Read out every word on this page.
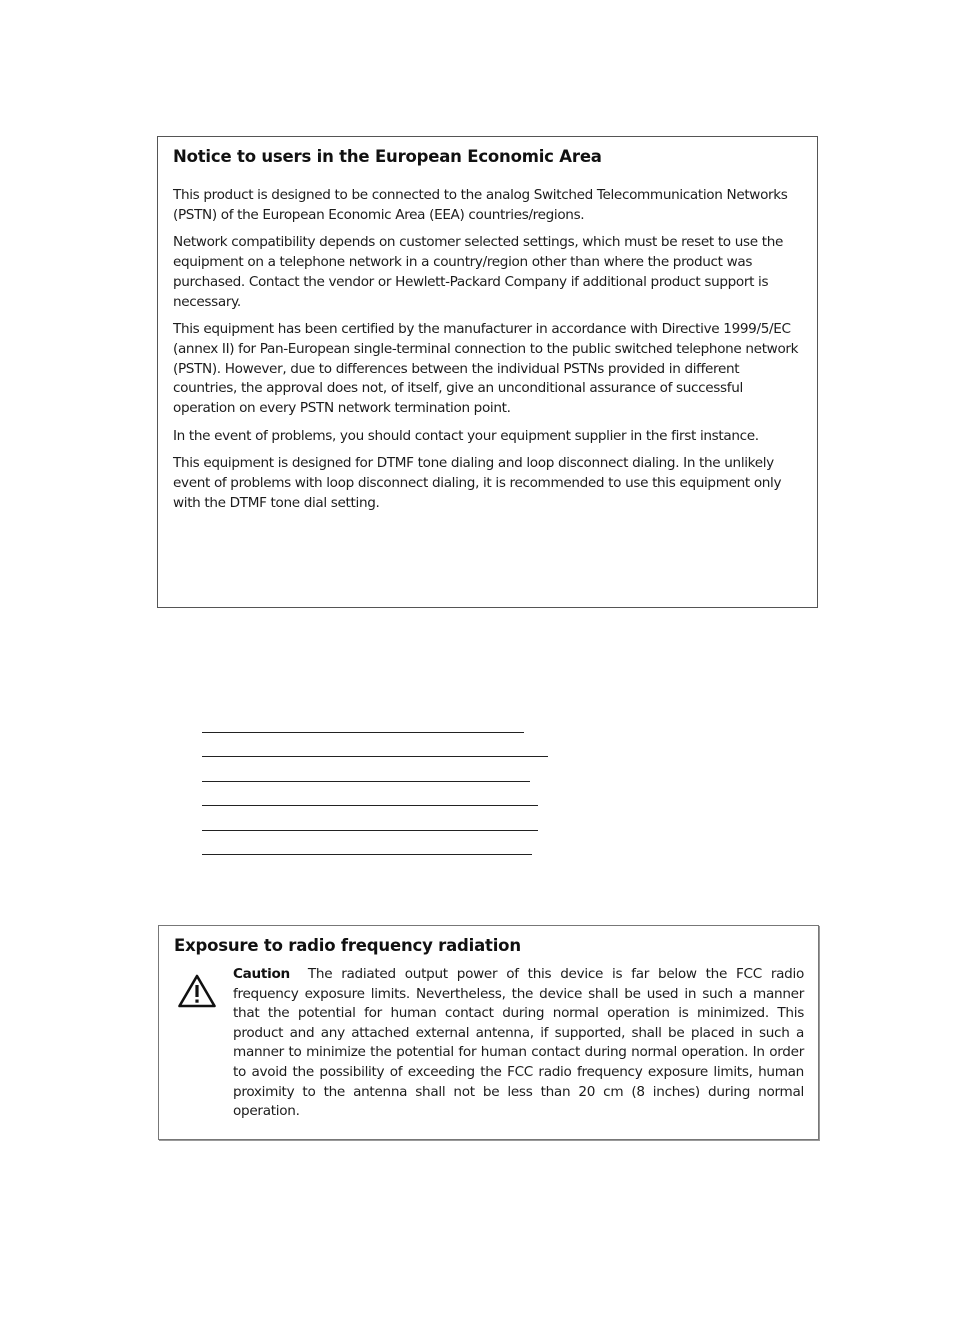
Notice to users in the European Economic Area

This product is designed to be connected to the analog Switched Telecommunication Networks (PSTN) of the European Economic Area (EEA) countries/regions.

Network compatibility depends on customer selected settings, which must be reset to use the equipment on a telephone network in a country/region other than where the product was purchased. Contact the vendor or Hewlett-Packard Company if additional product support is necessary.

This equipment has been certified by the manufacturer in accordance with Directive 1999/5/EC (annex II) for Pan-European single-terminal connection to the public switched telephone network (PSTN). However, due to differences between the individual PSTNs provided in different countries, the approval does not, of itself, give an unconditional assurance of successful operation on every PSTN network termination point.

In the event of problems, you should contact your equipment supplier in the first instance.

This equipment is designed for DTMF tone dialing and loop disconnect dialing. In the unlikely event of problems with loop disconnect dialing, it is recommended to use this equipment only with the DTMF tone dial setting.

Exposure to radio frequency radiation

Caution The radiated output power of this device is far below the FCC radio frequency exposure limits. Nevertheless, the device shall be used in such a manner that the potential for human contact during normal operation is minimized. This product and any attached external antenna, if supported, shall be placed in such a manner to minimize the potential for human contact during normal operation. In order to avoid the possibility of exceeding the FCC radio frequency exposure limits, human proximity to the antenna shall not be less than 20 cm (8 inches) during normal operation.
